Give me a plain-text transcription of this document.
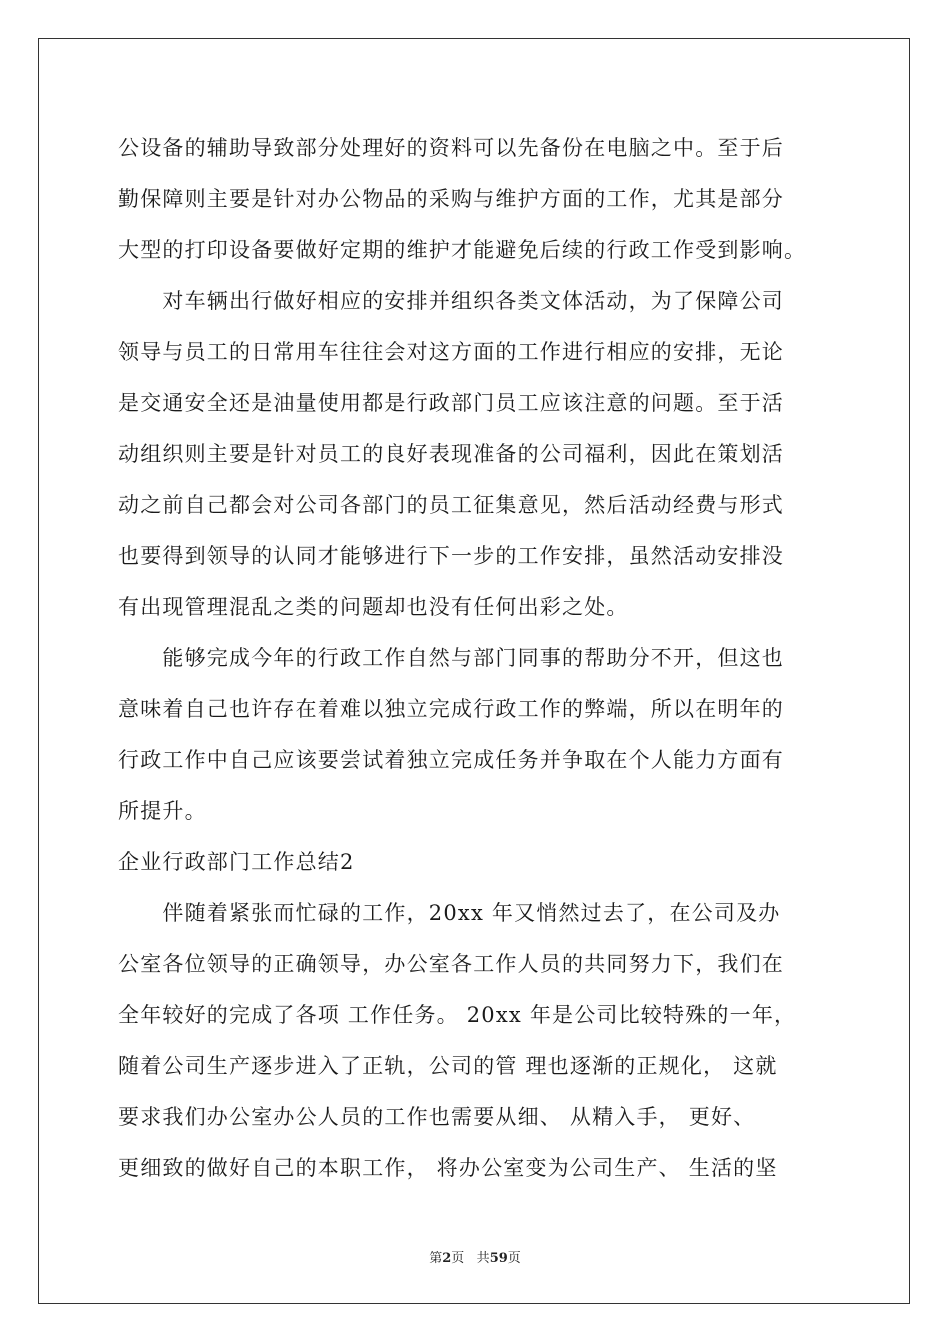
公设备的辅助导致部分处理好的资料可以先备份在电脑之中。至于后
勤保障则主要是针对办公物品的采购与维护方面的工作，尤其是部分
大型的打印设备要做好定期的维护才能避免后续的行政工作受到影响。
　　对车辆出行做好相应的安排并组织各类文体活动，为了保障公司
领导与员工的日常用车往往会对这方面的工作进行相应的安排，无论
是交通安全还是油量使用都是行政部门员工应该注意的问题。至于活
动组织则主要是针对员工的良好表现准备的公司福利，因此在策划活
动之前自己都会对公司各部门的员工征集意见，然后活动经费与形式
也要得到领导的认同才能够进行下一步的工作安排，虽然活动安排没
有出现管理混乱之类的问题却也没有任何出彩之处。
　　能够完成今年的行政工作自然与部门同事的帮助分不开，但这也
意味着自己也许存在着难以独立完成行政工作的弊端，所以在明年的
行政工作中自己应该要尝试着独立完成任务并争取在个人能力方面有
所提升。
企业行政部门工作总结2
　　伴随着紧张而忙碌的工作，20xx 年又悄然过去了，在公司及办
公室各位领导的正确领导，办公室各工作人员的共同努力下，我们在
全年较好的完成了各项 工作任务。 20xx 年是公司比较特殊的一年，
随着公司生产逐步进入了正轨，公司的管 理也逐渐的正规化， 这就
要求我们办公室办公人员的工作也需要从细、 从精入手， 更好、
更细致的做好自己的本职工作， 将办公室变为公司生产、 生活的坚
第2页 共59页
